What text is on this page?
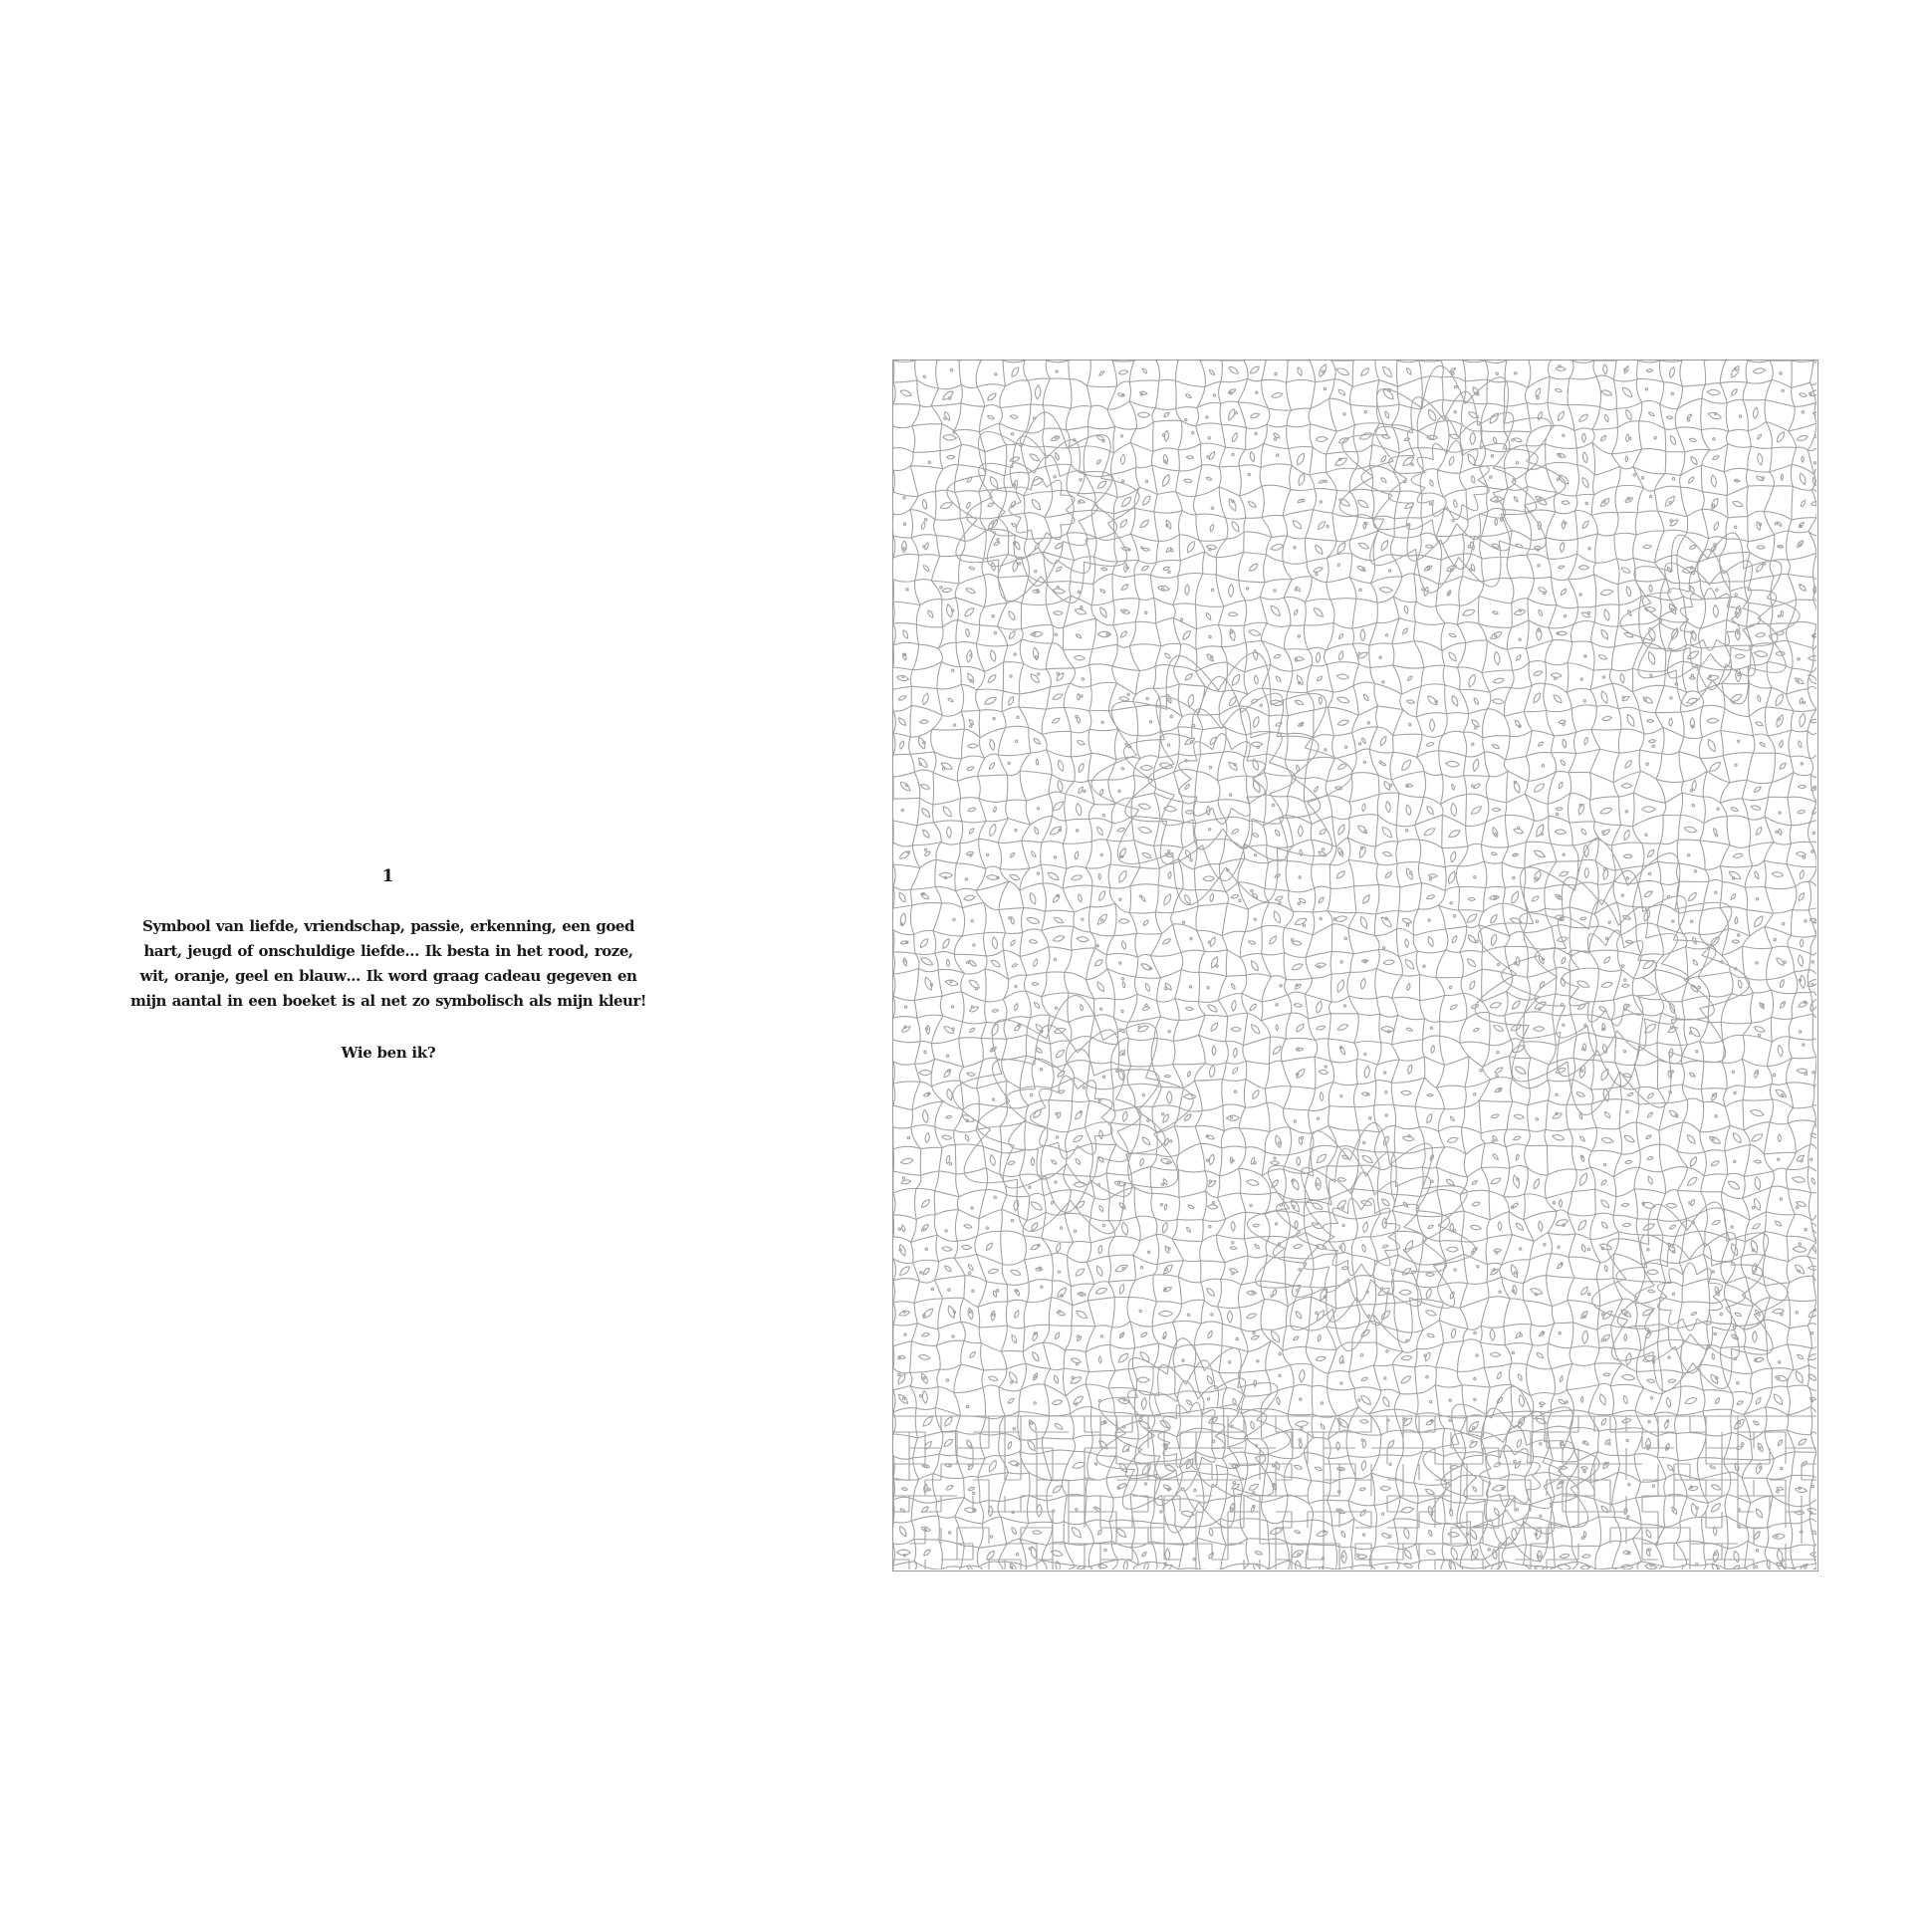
1

Symbool van liefde, vriendschap, passie, erkenning, een goed
hart, jeugd of onschuldige liefde… Ik besta in het rood, roze,
wit, oranje, geel en blauw… Ik word graag cadeau gegeven en
mijn aantal in een boeket is al net zo symbolisch als mijn kleur!

Wie ben ik?
